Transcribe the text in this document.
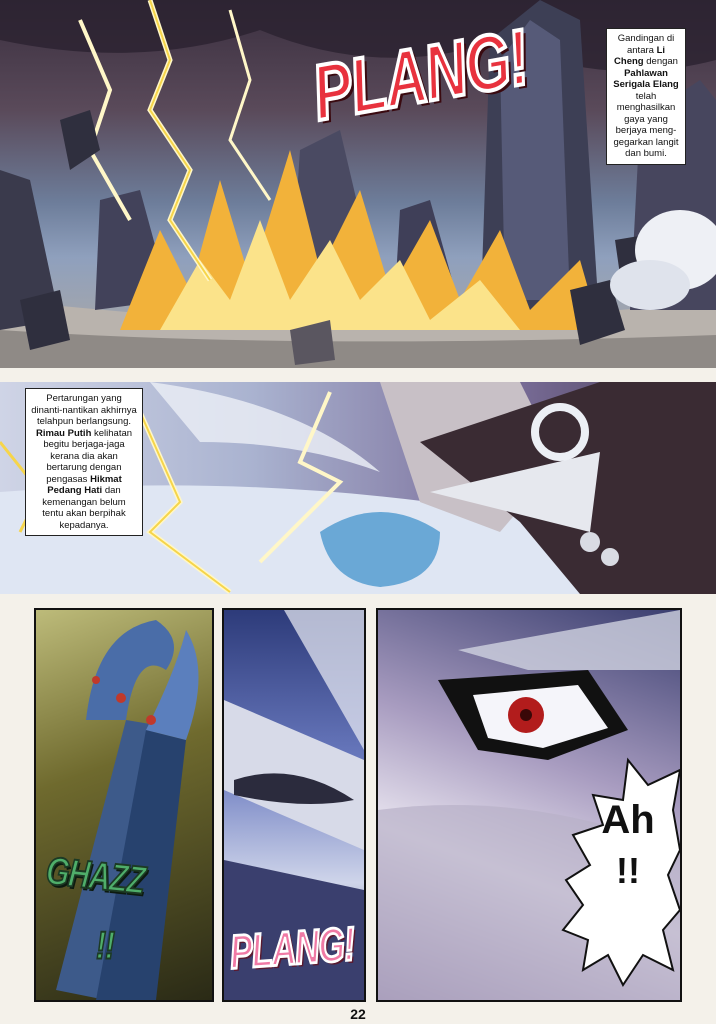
Gandingan di antara Li Cheng dengan Pahlawan Serigala Elang telah menghasilkan gaya yang berjaya meng-gegarkan langit dan bumi.
PLANG!
Pertarungan yang dinanti-nantikan akhirnya telahpun berlangsung. Rimau Putih kelihatan begitu berjaga-jaga kerana dia akan bertarung dengan pengasas Hikmat Pedang Hati dan kemenangan belum tentu akan berpihak kepadanya.
GHAZZ
!!	PLANG!
Ah
!!
22
